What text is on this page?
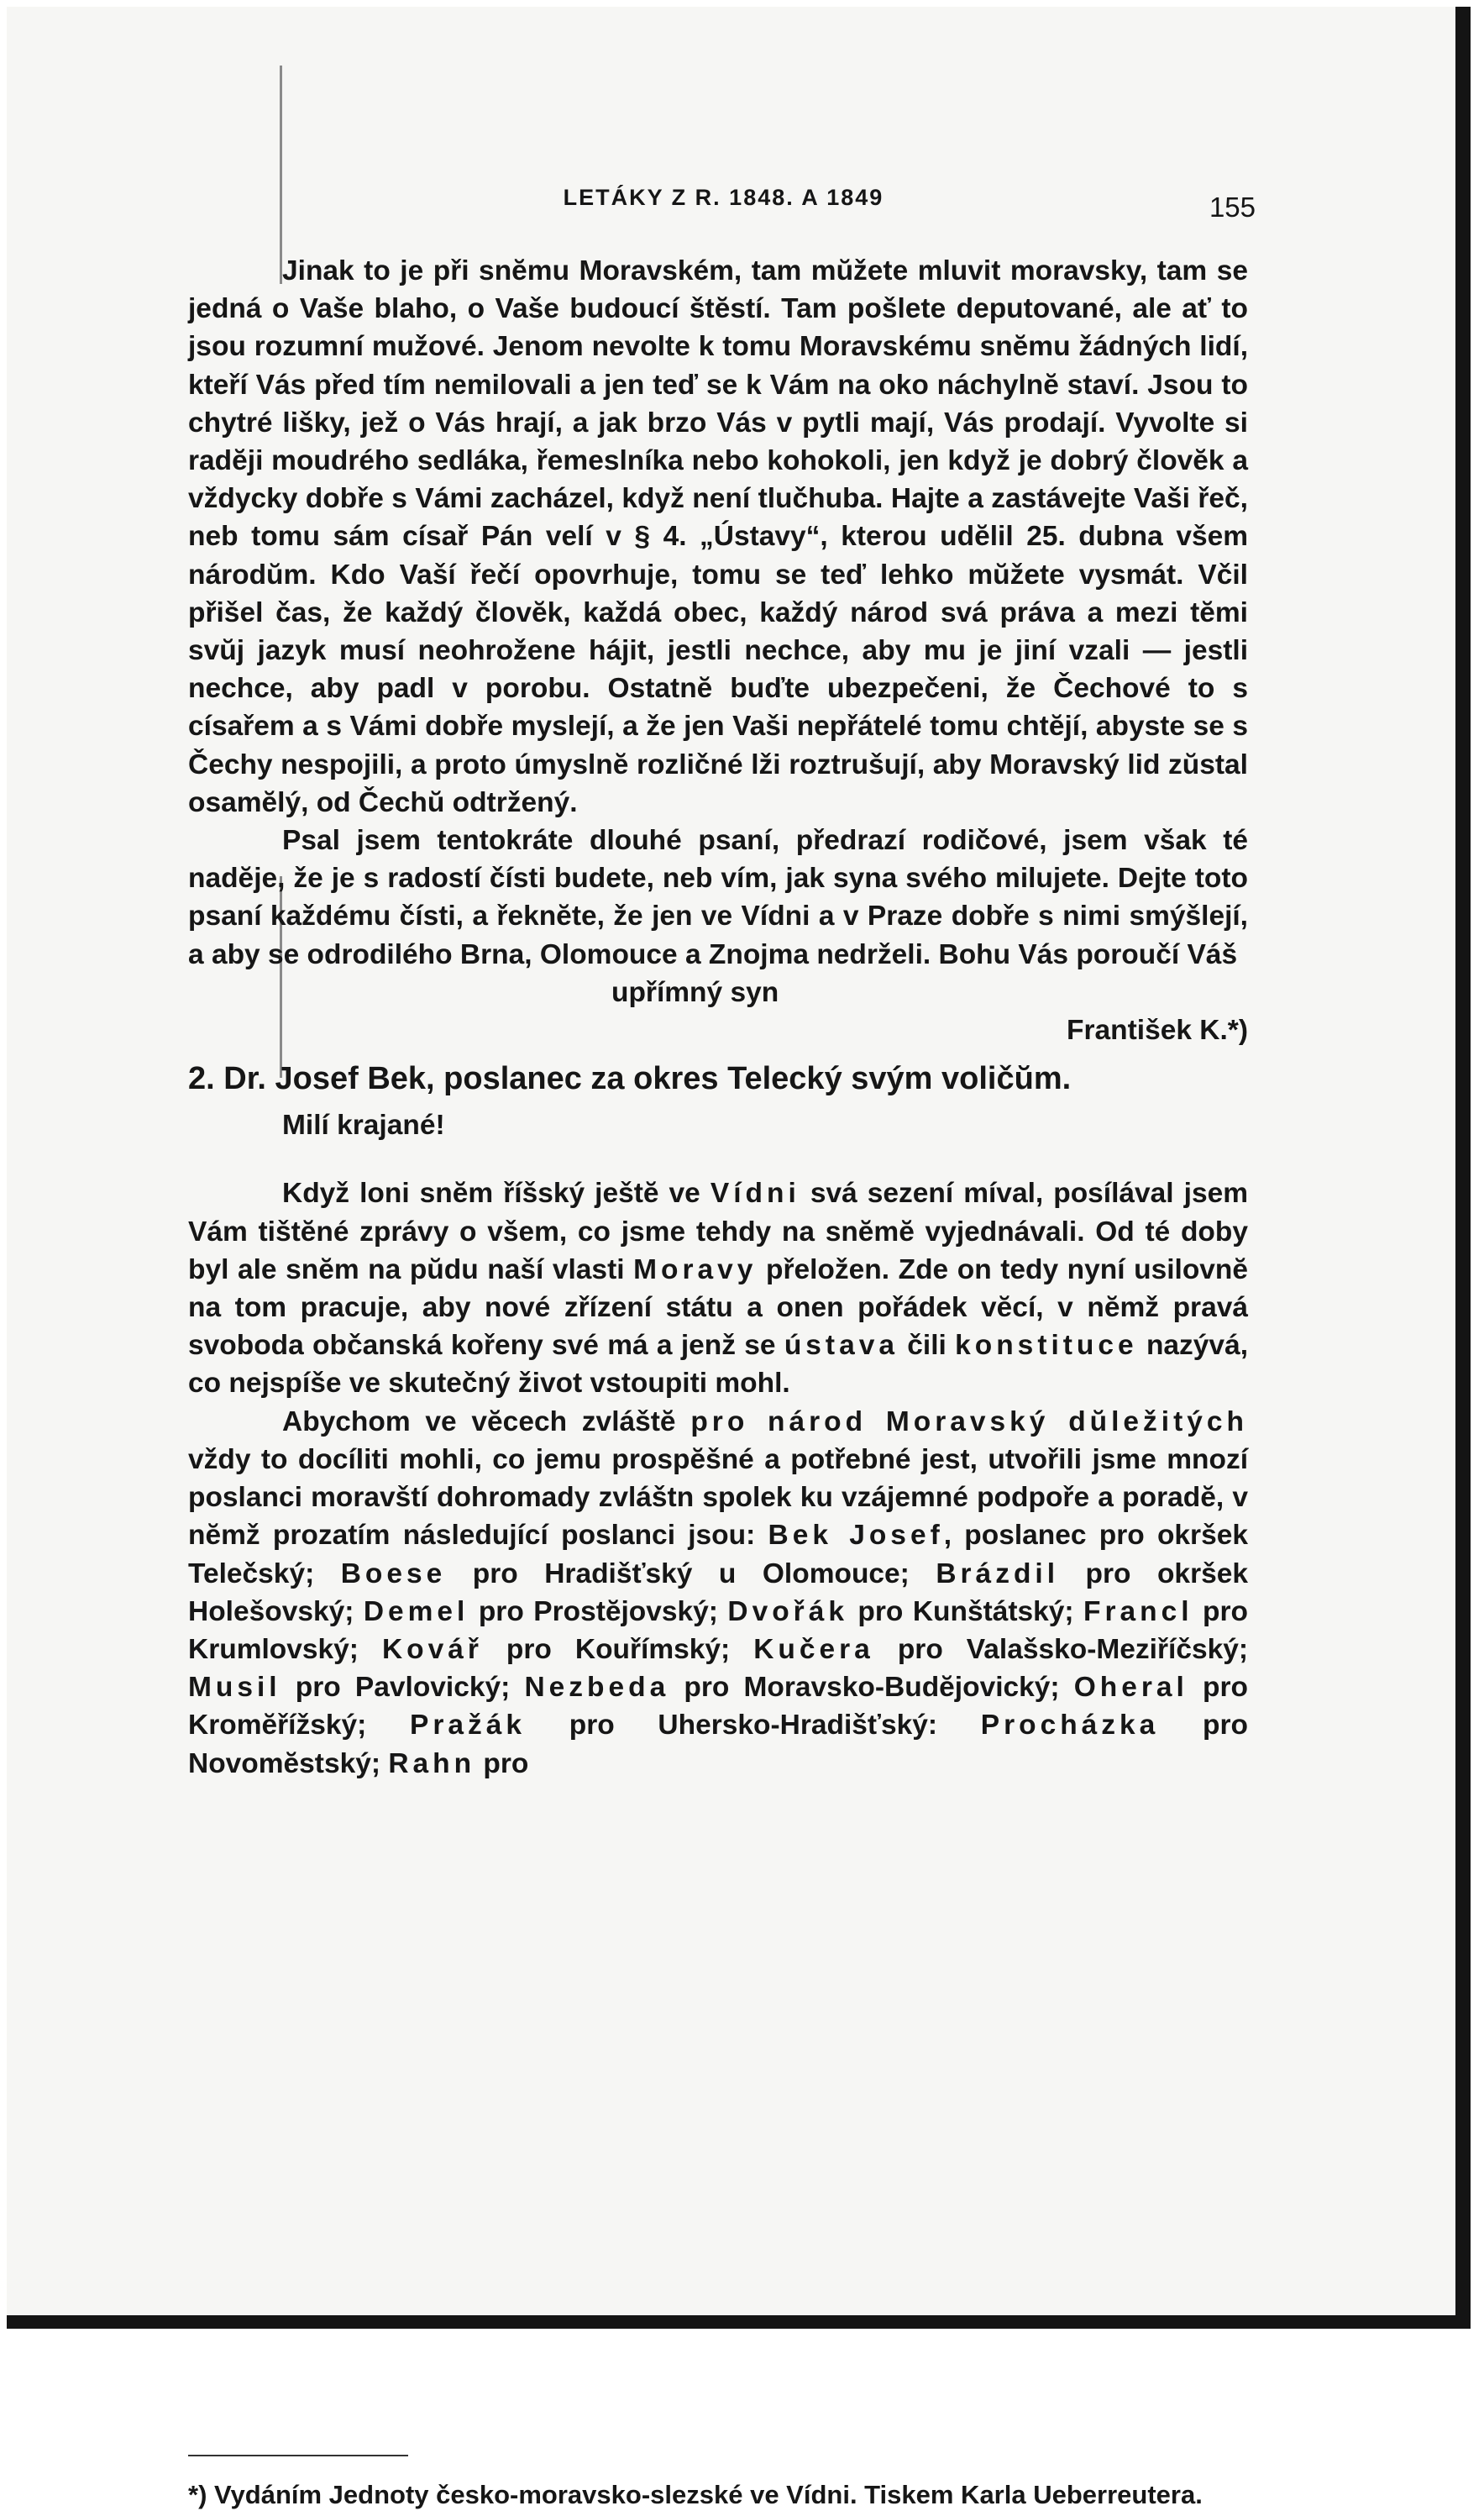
LETÁKY Z R. 1848. A 1849	155

Jinak to je při snĕmu Moravském, tam mŭžete mluvit moravsky, tam se jedná o Vaše blaho, o Vaše budoucí štĕstí. Tam pošlete deputované, ale ať to jsou rozumní mužové. Jenom nevolte k tomu Moravskému snĕmu žádných lidí, kteří Vás před tím nemilovali a jen teď se k Vám na oko náchylnĕ staví. Jsou to chytré lišky, jež o Vás hrají, a jak brzo Vás v pytli mají, Vás prodají. Vyvolte si radĕji moudrého sedláka, řemeslníka nebo kohokoli, jen když je dobrý človĕk a vždycky dobře s Vámi zacházel, když není tlučhuba. Hajte a zastávejte Vaši řeč, neb tomu sám císař Pán velí v § 4. „Ústavy“, kterou udĕlil 25. dubna všem národŭm. Kdo Vaší řečí opovrhuje, tomu se teď lehko mŭžete vysmát. Včil přišel čas, že každý človĕk, každá obec, každý národ svá práva a mezi tĕmi svŭj jazyk musí neohrožene hájit, jestli nechce, aby mu je jiní vzali — jestli nechce, aby padl v porobu. Ostatnĕ buďte ubezpečeni, že Čechové to s císařem a s Vámi dobře myslejí, a že jen Vaši nepřátelé tomu chtĕjí, abyste se s Čechy nespojili, a proto úmyslnĕ rozličné lži roztrušují, aby Moravský lid zŭstal osamĕlý, od Čechŭ odtržený.

Psal jsem tentokráte dlouhé psaní, předrazí rodičové, jsem však té nadĕje, že je s radostí čísti budete, neb vím, jak syna svého milujete. Dejte toto psaní každému čísti, a řeknĕte, že jen ve Vídni a v Praze dobře s nimi smýšlejí, a aby se odrodilého Brna, Olomouce a Znojma nedrželi. Bohu Vás poroučí Váš

upřímný syn

František K.*)

2. Dr. Josef Bek, poslanec za okres Telecký svým voličŭm.

Milí krajané!

Když loni snĕm říšský ještĕ ve Vídni svá sezení míval, posílával jsem Vám tištĕné zprávy o všem, co jsme tehdy na snĕmĕ vyjednávali. Od té doby byl ale snĕm na pŭdu naší vlasti Moravy přeložen. Zde on tedy nyní usilovnĕ na tom pracuje, aby nové zřízení státu a onen pořádek vĕcí, v nĕmž pravá svoboda občanská kořeny své má a jenž se ústava čili konstituce nazývá, co nejspíše ve skutečný život vstoupiti mohl.

Abychom ve vĕcech zvláštĕ pro národ Moravský dŭležitých vždy to docíliti mohli, co jemu prospĕšné a potřebné jest, utvořili jsme mnozí poslanci moravští dohromady zvláštn spolek ku vzájemné podpoře a poradĕ, v nĕmž prozatím následující poslanci jsou: Bek Josef, poslanec pro okršek Telečský; Boese pro Hradišťský u Olomouce; Brázdil pro okršek Holešovský; Demel pro Prostĕjovský; Dvořák pro Kunštátský; Francl pro Krumlovský; Kovář pro Kouřímský; Kučera pro Valašsko-Meziříčský; Musil pro Pavlovický; Nezbeda pro Moravsko-Budĕjovický; Oheral pro Kromĕřížský; Pražák pro Uhersko-Hradišťský: Procházka pro Novomĕstský; Rahn pro

*) Vydáním Jednoty česko-moravsko-slezské ve Vídni. Tiskem Karla Ueberreutera.
